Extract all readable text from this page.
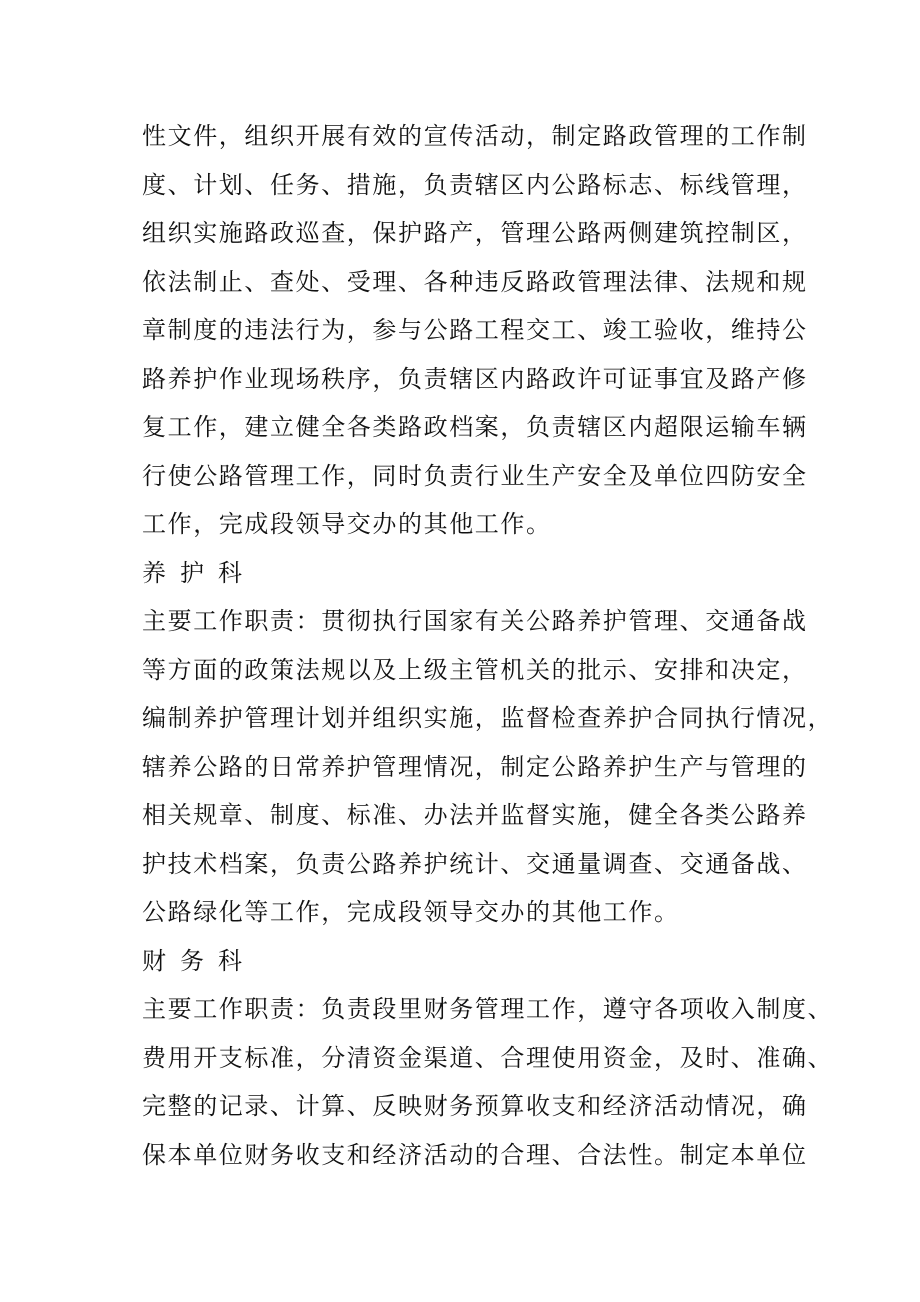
性文件，组织开展有效的宣传活动，制定路政管理的工作制
度、计划、任务、措施，负责辖区内公路标志、标线管理，
组织实施路政巡查，保护路产，管理公路两侧建筑控制区，
依法制止、查处、受理、各种违反路政管理法律、法规和规
章制度的违法行为，参与公路工程交工、竣工验收，维持公
路养护作业现场秩序，负责辖区内路政许可证事宜及路产修
复工作，建立健全各类路政档案，负责辖区内超限运输车辆
行使公路管理工作，同时负责行业生产安全及单位四防安全
工作，完成段领导交办的其他工作。
养护科
主要工作职责：贯彻执行国家有关公路养护管理、交通备战
等方面的政策法规以及上级主管机关的批示、安排和决定，
编制养护管理计划并组织实施，监督检查养护合同执行情况，
辖养公路的日常养护管理情况，制定公路养护生产与管理的
相关规章、制度、标准、办法并监督实施，健全各类公路养
护技术档案，负责公路养护统计、交通量调查、交通备战、
公路绿化等工作，完成段领导交办的其他工作。
财务科
主要工作职责：负责段里财务管理工作，遵守各项收入制度、
费用开支标准，分清资金渠道、合理使用资金，及时、准确、
完整的记录、计算、反映财务预算收支和经济活动情况，确
保本单位财务收支和经济活动的合理、合法性。制定本单位
